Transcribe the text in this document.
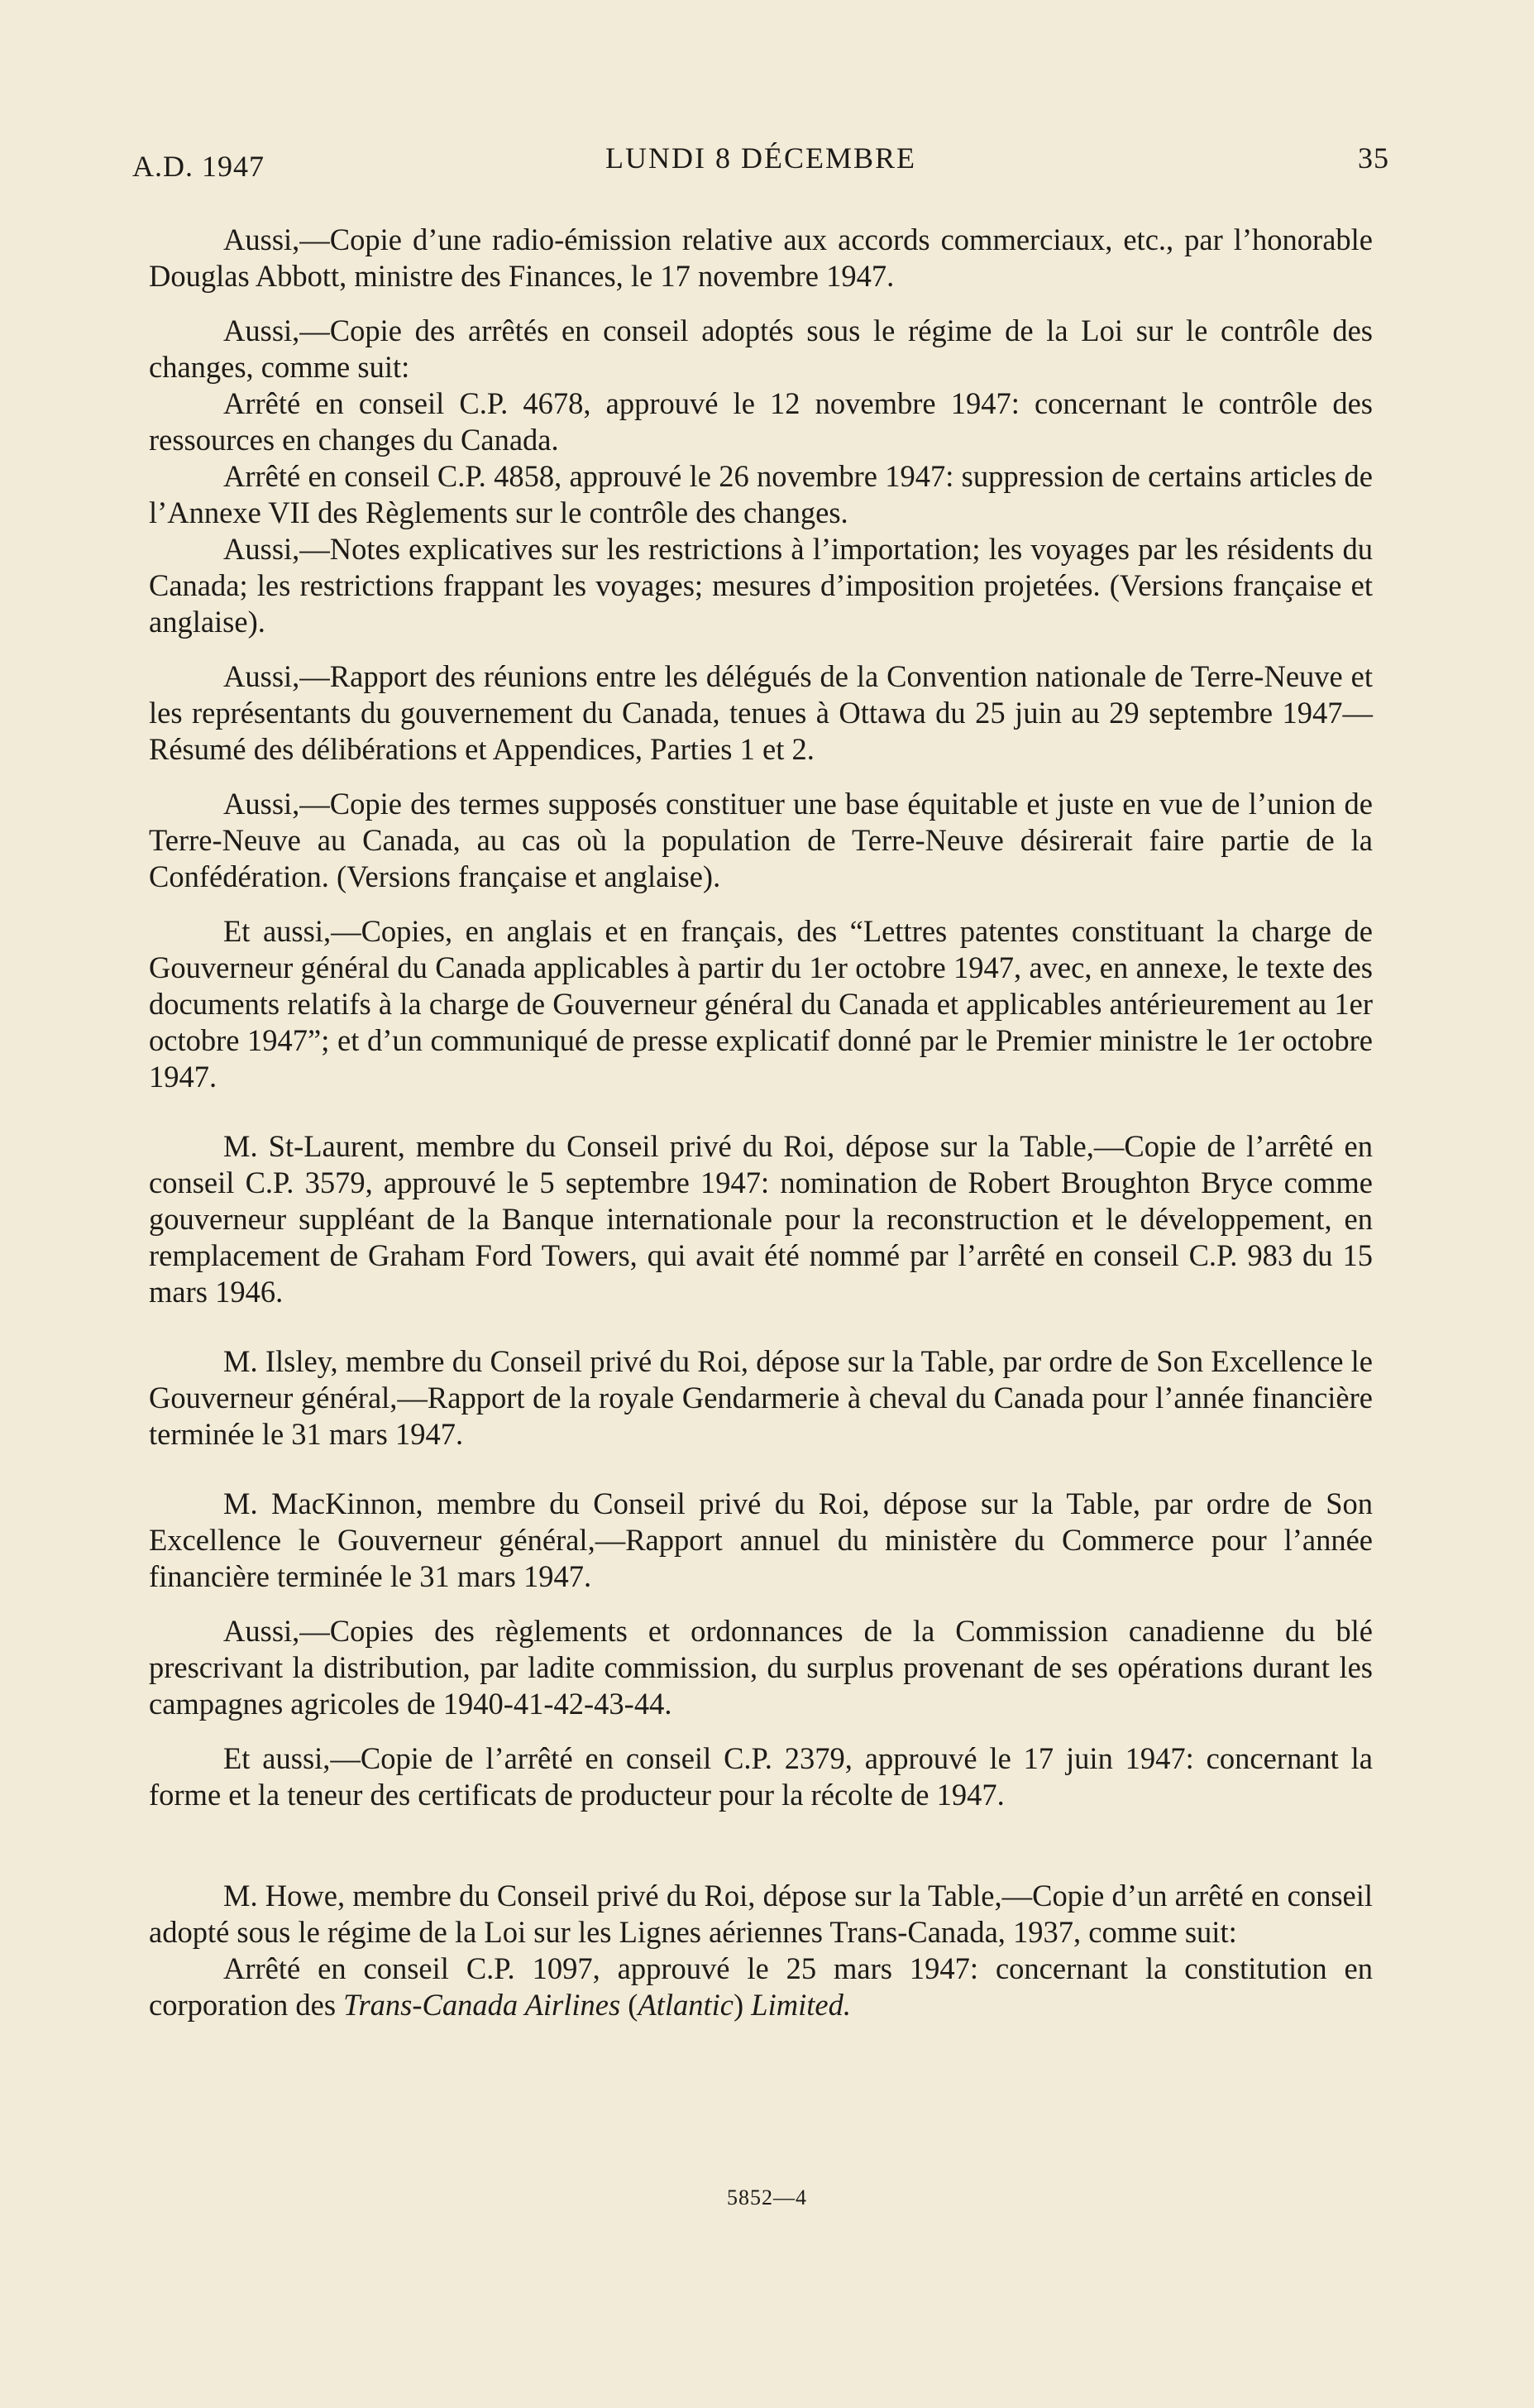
A.D. 1947	LUNDI 8 DÉCEMBRE	35

Aussi,—Copie d’une radio-émission relative aux accords commerciaux, etc., par l’honorable Douglas Abbott, ministre des Finances, le 17 novembre 1947.

Aussi,—Copie des arrêtés en conseil adoptés sous le régime de la Loi sur le contrôle des changes, comme suit:

Arrêté en conseil C.P. 4678, approuvé le 12 novembre 1947: concernant le contrôle des ressources en changes du Canada.

Arrêté en conseil C.P. 4858, approuvé le 26 novembre 1947: suppression de certains articles de l’Annexe VII des Règlements sur le contrôle des changes.

Aussi,—Notes explicatives sur les restrictions à l’importation; les voyages par les résidents du Canada; les restrictions frappant les voyages; mesures d’imposition projetées. (Versions française et anglaise).

Aussi,—Rapport des réunions entre les délégués de la Convention nationale de Terre-Neuve et les représentants du gouvernement du Canada, tenues à Ottawa du 25 juin au 29 septembre 1947—Résumé des délibérations et Appendices, Parties 1 et 2.

Aussi,—Copie des termes supposés constituer une base équitable et juste en vue de l’union de Terre-Neuve au Canada, au cas où la population de Terre-Neuve désirerait faire partie de la Confédération. (Versions française et anglaise).

Et aussi,—Copies, en anglais et en français, des “Lettres patentes constituant la charge de Gouverneur général du Canada applicables à partir du 1er octobre 1947, avec, en annexe, le texte des documents relatifs à la charge de Gouverneur général du Canada et applicables antérieurement au 1er octobre 1947”; et d’un communiqué de presse explicatif donné par le Premier ministre le 1er octobre 1947.

M. St-Laurent, membre du Conseil privé du Roi, dépose sur la Table,—Copie de l’arrêté en conseil C.P. 3579, approuvé le 5 septembre 1947: nomination de Robert Broughton Bryce comme gouverneur suppléant de la Banque internationale pour la reconstruction et le développement, en remplacement de Graham Ford Towers, qui avait été nommé par l’arrêté en conseil C.P. 983 du 15 mars 1946.

M. Ilsley, membre du Conseil privé du Roi, dépose sur la Table, par ordre de Son Excellence le Gouverneur général,—Rapport de la royale Gendarmerie à cheval du Canada pour l’année financière terminée le 31 mars 1947.

M. MacKinnon, membre du Conseil privé du Roi, dépose sur la Table, par ordre de Son Excellence le Gouverneur général,—Rapport annuel du ministère du Commerce pour l’année financière terminée le 31 mars 1947.

Aussi,—Copies des règlements et ordonnances de la Commission canadienne du blé prescrivant la distribution, par ladite commission, du surplus provenant de ses opérations durant les campagnes agricoles de 1940-41-42-43-44.

Et aussi,—Copie de l’arrêté en conseil C.P. 2379, approuvé le 17 juin 1947: concernant la forme et la teneur des certificats de producteur pour la récolte de 1947.

M. Howe, membre du Conseil privé du Roi, dépose sur la Table,—Copie d’un arrêté en conseil adopté sous le régime de la Loi sur les Lignes aériennes Trans-Canada, 1937, comme suit:

Arrêté en conseil C.P. 1097, approuvé le 25 mars 1947: concernant la constitution en corporation des Trans-Canada Airlines (Atlantic) Limited.

5852—4
